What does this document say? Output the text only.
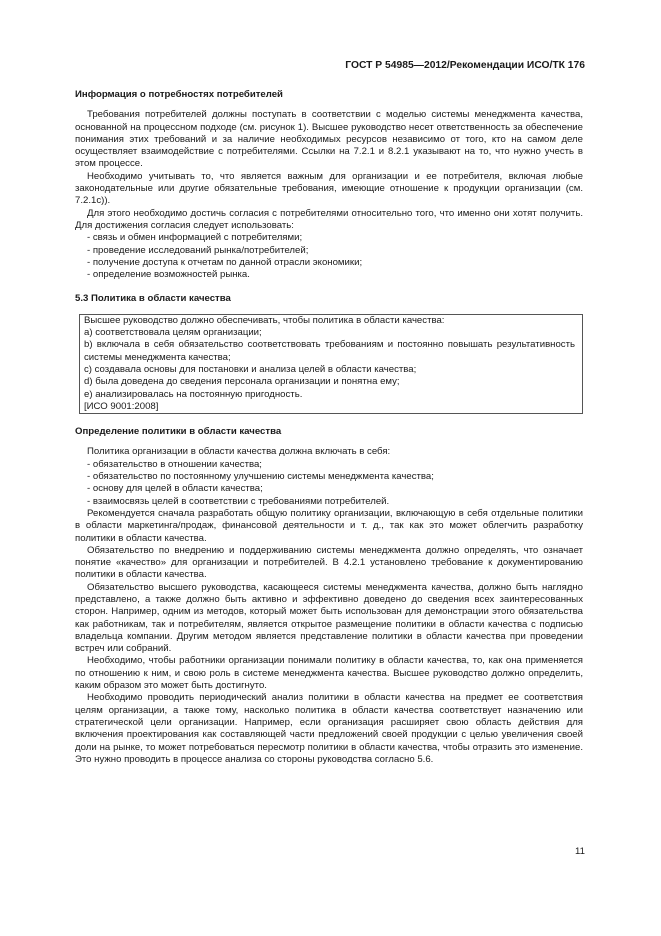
ГОСТ Р 54985—2012/Рекомендации ИСО/ТК 176
Информация о потребностях потребителей

Требования потребителей должны поступать в соответствии с моделью системы менеджмента качества, основанной на процессном подходе (см. рисунок 1). Высшее руководство несет ответственность за обеспечение понимания этих требований и за наличие необходимых ресурсов независимо от того, кто на самом деле осуществляет взаимодействие с потребителями. Ссылки на 7.2.1 и 8.2.1 указывают на то, что нужно учесть в этом процессе.

Необходимо учитывать то, что является важным для организации и ее потребителя, включая любые законодательные или другие обязательные требования, имеющие отношение к продукции организации (см. 7.2.1с)).

Для этого необходимо достичь согласия с потребителями относительно того, что именно они хотят получить. Для достижения согласия следует использовать:

- связь и обмен информацией с потребителями;

- проведение исследований рынка/потребителей;

- получение доступа к отчетам по данной отрасли экономики;

- определение возможностей рынка.

5.3 Политика в области качества

Высшее руководство должно обеспечивать, чтобы политика в области качества:

а) соответствовала целям организации;

b) включала в себя обязательство соответствовать требованиям и постоянно повышать результативность системы менеджмента качества;

с) создавала основы для постановки и анализа целей в области качества;

d) была доведена до сведения персонала организации и понятна ему;

е) анализировалась на постоянную пригодность.

[ИСО 9001:2008]

Определение политики в области качества

Политика организации в области качества должна включать в себя:

- обязательство в отношении качества;

- обязательство по постоянному улучшению системы менеджмента качества;

- основу для целей в области качества;

- взаимосвязь целей в соответствии с требованиями потребителей.

Рекомендуется сначала разработать общую политику организации, включающую в себя отдельные политики в области маркетинга/продаж, финансовой деятельности и т. д., так как это может облегчить разработку политики в области качества.

Обязательство по внедрению и поддерживанию системы менеджмента должно определять, что означает понятие «качество» для организации и потребителей. В 4.2.1 установлено требование к документированию политики в области качества.

Обязательство высшего руководства, касающееся системы менеджмента качества, должно быть наглядно представлено, а также должно быть активно и эффективно доведено до сведения всех заинтересованных сторон. Например, одним из методов, который может быть использован для демонстрации этого обязательства как работникам, так и потребителям, является открытое размещение политики в области качества с подписью владельца компании. Другим методом является представление политики в области качества при проведении встреч или собраний.

Необходимо, чтобы работники организации понимали политику в области качества, то, как она применяется по отношению к ним, и свою роль в системе менеджмента качества. Высшее руководство должно определить, каким образом это может быть достигнуто.

Необходимо проводить периодический анализ политики в области качества на предмет ее соответствия целям организации, а также тому, насколько политика в области качества соответствует назначению или стратегической цели организации. Например, если организация расширяет свою область действия для включения проектирования как составляющей части предложений своей продукции с целью увеличения своей доли на рынке, то может потребоваться пересмотр политики в области качества, чтобы отразить это изменение. Это нужно проводить в процессе анализа со стороны руководства согласно 5.6.

11
